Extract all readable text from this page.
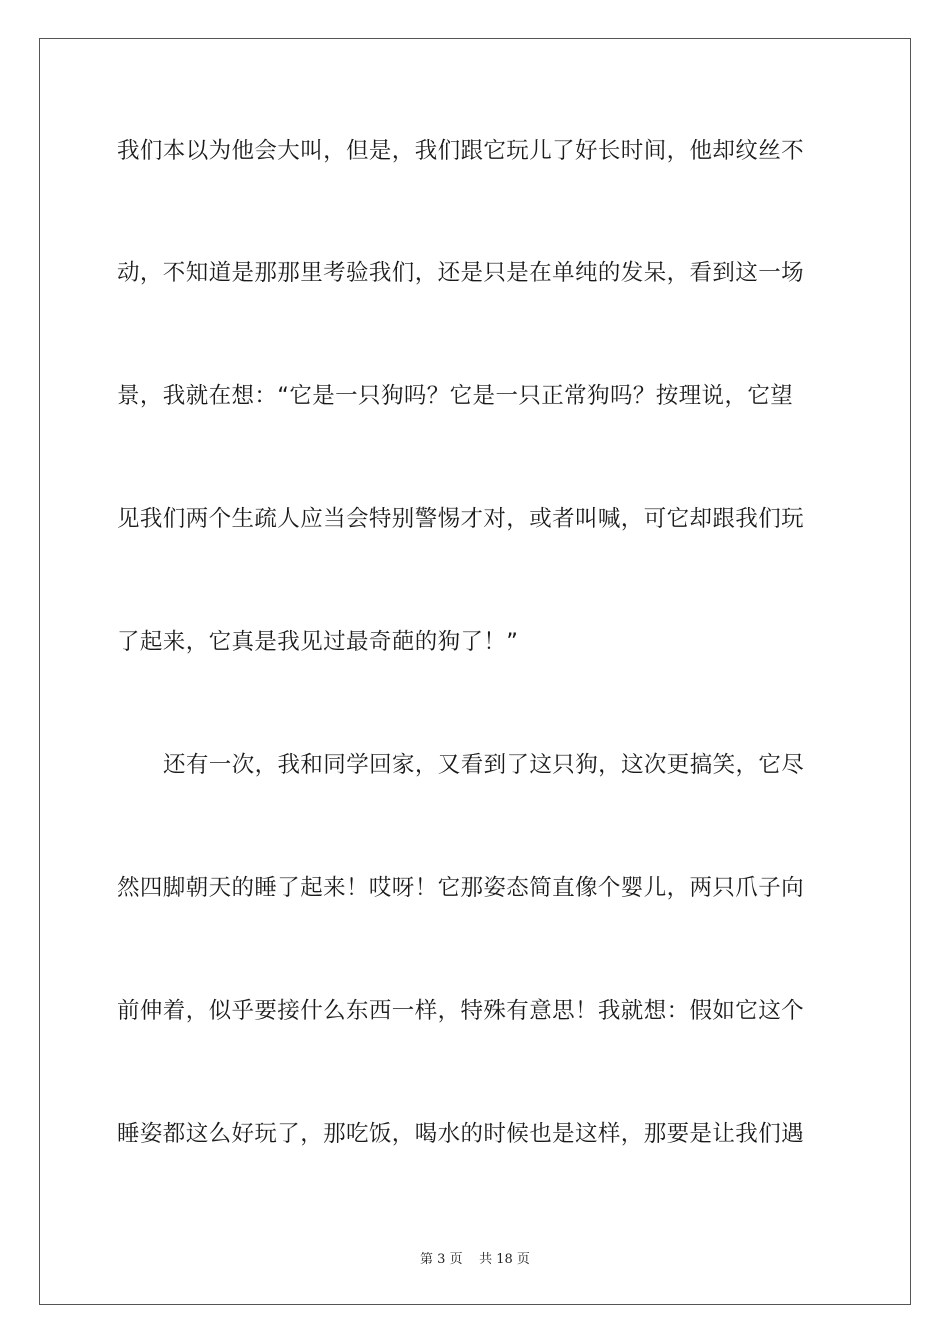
我们本以为他会大叫，但是，我们跟它玩儿了好长时间，他却纹丝不
动，不知道是那那里考验我们，还是只是在单纯的发呆，看到这一场
景，我就在想：“它是一只狗吗？它是一只正常狗吗？按理说，它望
见我们两个生疏人应当会特别警惕才对，或者叫喊，可它却跟我们玩
了起来，它真是我见过最奇葩的狗了！”
还有一次，我和同学回家，又看到了这只狗，这次更搞笑，它尽
然四脚朝天的睡了起来！哎呀！它那姿态简直像个婴儿，两只爪子向
前伸着，似乎要接什么东西一样，特殊有意思！我就想：假如它这个
睡姿都这么好玩了，那吃饭，喝水的时候也是这样，那要是让我们遇
第 3 页 共 18 页
